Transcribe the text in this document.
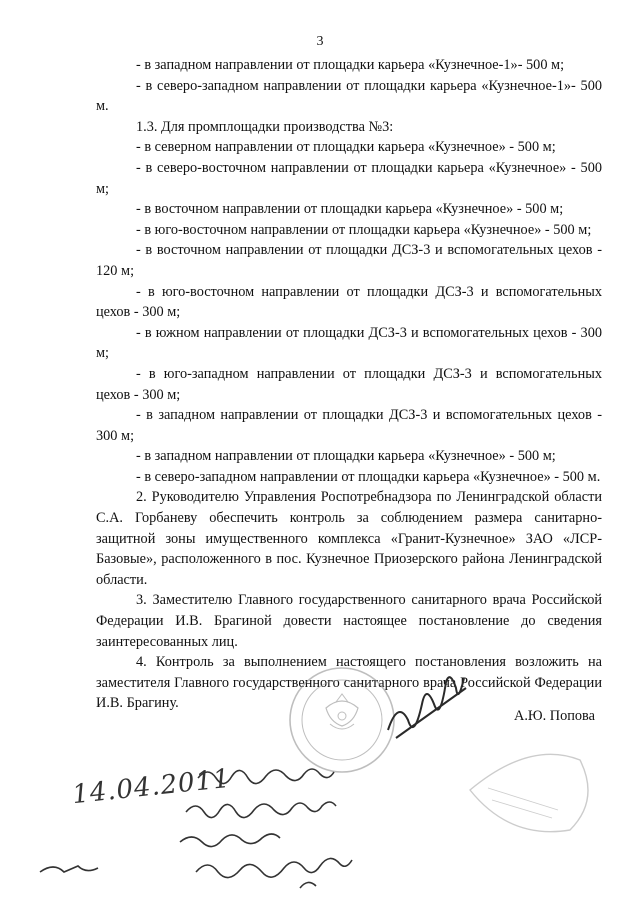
3

- в западном направлении от площадки карьера «Кузнечное-1»- 500 м;

- в северо-западном направлении от площадки карьера «Кузнечное-1»- 500 м.

1.3. Для промплощадки производства №3:

- в северном направлении от площадки карьера «Кузнечное» - 500 м;

- в северо-восточном направлении от площадки карьера «Кузнечное» - 500 м;

- в восточном направлении от площадки карьера «Кузнечное» - 500 м;

- в юго-восточном направлении от площадки карьера «Кузнечное» - 500 м;

- в восточном направлении от площадки ДСЗ-3 и вспомогательных цехов - 120 м;

- в юго-восточном направлении от площадки ДСЗ-3 и вспомогательных цехов - 300 м;

- в южном направлении от площадки ДСЗ-3 и вспомогательных цехов - 300 м;

- в юго-западном направлении от площадки ДСЗ-3 и вспомогательных цехов - 300 м;

- в западном направлении от площадки ДСЗ-3 и вспомогательных цехов - 300 м;

- в западном направлении от площадки карьера «Кузнечное» - 500 м;

- в северо-западном направлении от площадки карьера «Кузнечное» - 500 м.

2. Руководителю Управления Роспотребнадзора по Ленинградской области С.А. Горбаневу обеспечить контроль за соблюдением размера санитарно-защитной зоны имущественного комплекса «Гранит-Кузнечное» ЗАО «ЛСР-Базовые», расположенного в пос. Кузнечное Приозерского района Ленинградской области.

3. Заместителю Главного государственного санитарного врача Российской Федерации И.В. Брагиной довести настоящее постановление до сведения заинтересованных лиц.

4. Контроль за выполнением настоящего постановления возложить на заместителя Главного государственного санитарного врача Российской Федерации И.В. Брагину.

А.Ю. Попова
14.04.2011
